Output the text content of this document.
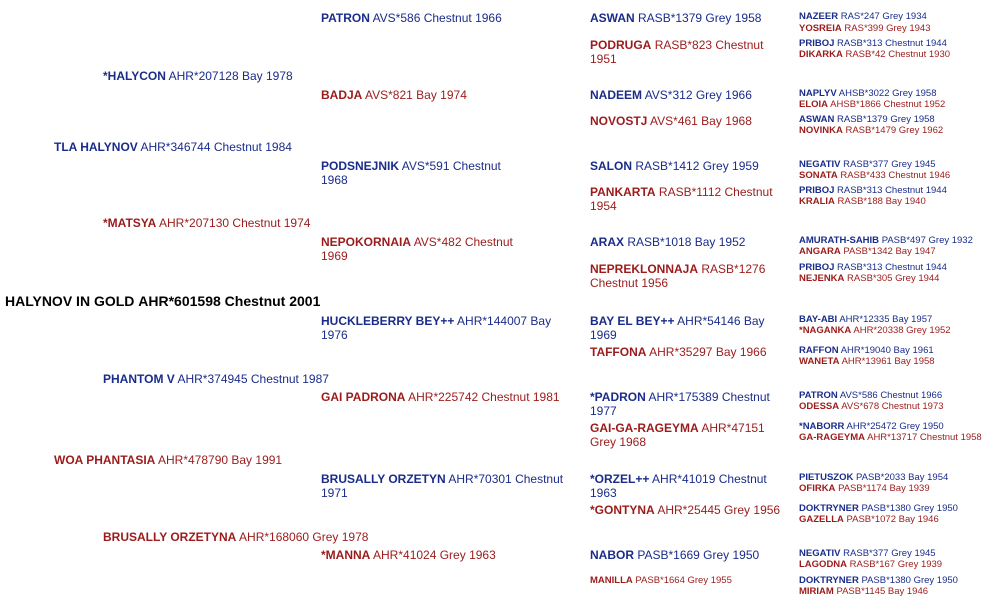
HALYNOV IN GOLD AHR*601598 Chestnut 2001
TLA HALYNOV AHR*346744 Chestnut 1984
WOA PHANTASIA AHR*478790 Bay 1991
*HALYCON AHR*207128 Bay 1978
*MATSYA AHR*207130 Chestnut 1974
PHANTOM V AHR*374945 Chestnut 1987
BRUSALLY ORZETYNA AHR*168060 Grey 1978
PATRON AVS*586 Chestnut 1966
BADJA AVS*821 Bay 1974
PODSNEJNIK AVS*591 Chestnut 1968
NEPOKORNAIA AVS*482 Chestnut 1969
HUCKLEBERRY BEY++ AHR*144007 Bay 1976
GAI PADRONA AHR*225742 Chestnut 1981
BRUSALLY ORZETYN AHR*70301 Chestnut 1971
*MANNA AHR*41024 Grey 1963
ASWAN RASB*1379 Grey 1958
PODRUGA RASB*823 Chestnut 1951
NADEEM AVS*312 Grey 1966
NOVOSTJ AVS*461 Bay 1968
SALON RASB*1412 Grey 1959
PANKARTA RASB*1112 Chestnut 1954
ARAX RASB*1018 Bay 1952
NEPREKLONNAJA RASB*1276 Chestnut 1956
BAY EL BEY++ AHR*54146 Bay 1969
TAFFONA AHR*35297 Bay 1966
*PADRON AHR*175389 Chestnut 1977
GAI-GA-RAGEYMA AHR*47151 Grey 1968
*ORZEL++ AHR*41019 Chestnut 1963
*GONTYNA AHR*25445 Grey 1956
NABOR PASB*1669 Grey 1950
MANILLA PASB*1664 Grey 1955
NAZEER RAS*247 Grey 1934
YOSREIA RAS*399 Grey 1943
PRIBOJ RASB*313 Chestnut 1944
DIKARKA RASB*42 Chestnut 1930
NAPLYV AHSB*3022 Grey 1958
ELOIA AHSB*1866 Chestnut 1952
ASWAN RASB*1379 Grey 1958
NOVINKA RASB*1479 Grey 1962
NEGATIV RASB*377 Grey 1945
SONATA RASB*433 Chestnut 1946
PRIBOJ RASB*313 Chestnut 1944
KRALIA RASB*188 Bay 1940
AMURATH-SAHIB PASB*497 Grey 1932
ANGARA PASB*1342 Bay 1947
PRIBOJ RASB*313 Chestnut 1944
NEJENKA RASB*305 Grey 1944
BAY-ABI AHR*12335 Bay 1957
*NAGANKA AHR*20338 Grey 1952
RAFFON AHR*19040 Bay 1961
WANETA AHR*13961 Bay 1958
PATRON AVS*586 Chestnut 1966
ODESSA AVS*678 Chestnut 1973
*NABORR AHR*25472 Grey 1950
GA-RAGEYMA AHR*13717 Chestnut 1958
PIETUSZOK PASB*2033 Bay 1954
OFIRKA PASB*1174 Bay 1939
DOKTRYNER PASB*1380 Grey 1950
GAZELLA PASB*1072 Bay 1946
NEGATIV RASB*377 Grey 1945
LAGODNA RASB*167 Grey 1939
DOKTRYNER PASB*1380 Grey 1950
MIRIAM PASB*1145 Bay 1946
